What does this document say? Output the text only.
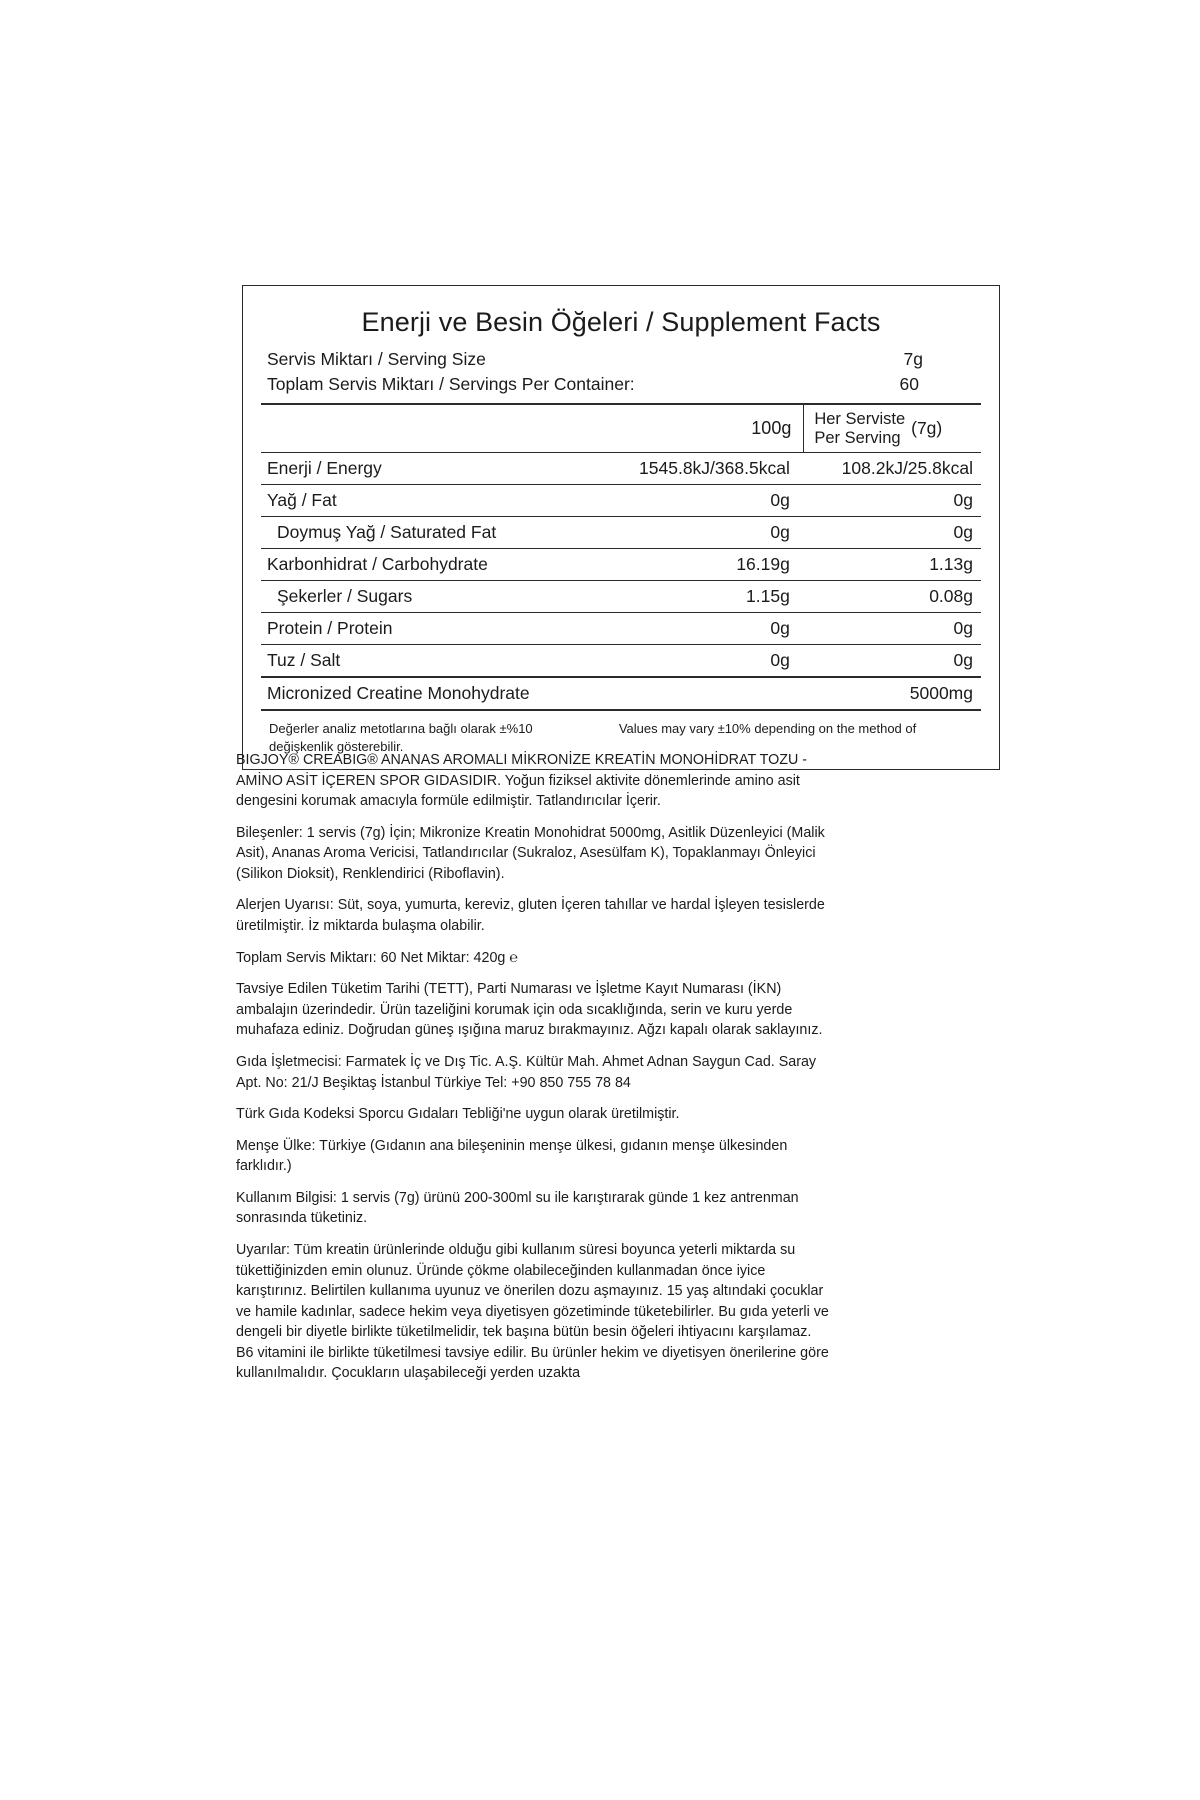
Enerji ve Besin Öğeleri / Supplement Facts
Servis Miktarı / Serving Size	7g
Toplam Servis Miktarı / Servings Per Container:	60
	100g	Her Serviste
Per Serving (7g)
Enerji / Energy	1545.8kJ/368.5kcal	108.2kJ/25.8kcal
Yağ / Fat	0g	0g
Doymuş Yağ / Saturated Fat	0g	0g
Karbonhidrat / Carbohydrate	16.19g	1.13g
Şekerler / Sugars	1.15g	0.08g
Protein / Protein	0g	0g
Tuz / Salt	0g	0g
Micronized Creatine Monohydrate		5000mg
Değerler analiz metotlarına bağlı olarak ±%10 değişkenlik gösterebilir.
Values may vary ±10% depending on the method of

BIGJOY® CREABIG® ANANAS AROMALI MİKRONİZE KREATİN MONOHİDRAT TOZU - AMİNO ASİT İÇEREN SPOR GIDASIDIR. Yoğun fiziksel aktivite dönemlerinde amino asit dengesini korumak amacıyla formüle edilmiştir. Tatlandırıcılar İçerir.

Bileşenler: 1 servis (7g) İçin; Mikronize Kreatin Monohidrat 5000mg, Asitlik Düzenleyici (Malik Asit), Ananas Aroma Vericisi, Tatlandırıcılar (Sukraloz, Asesülfam K), Topaklanmayı Önleyici (Silikon Dioksit), Renklendirici (Riboflavin).

Alerjen Uyarısı: Süt, soya, yumurta, kereviz, gluten İçeren tahıllar ve hardal İşleyen tesislerde üretilmiştir. İz miktarda bulaşma olabilir.

Toplam Servis Miktarı: 60 Net Miktar: 420g ℮

Tavsiye Edilen Tüketim Tarihi (TETT), Parti Numarası ve İşletme Kayıt Numarası (İKN) ambalajın üzerindedir. Ürün tazeliğini korumak için oda sıcaklığında, serin ve kuru yerde muhafaza ediniz. Doğrudan güneş ışığına maruz bırakmayınız. Ağzı kapalı olarak saklayınız.

Gıda İşletmecisi: Farmatek İç ve Dış Tic. A.Ş. Kültür Mah. Ahmet Adnan Saygun Cad. Saray Apt. No: 21/J Beşiktaş İstanbul Türkiye Tel: +90 850 755 78 84

Türk Gıda Kodeksi Sporcu Gıdaları Tebliği'ne uygun olarak üretilmiştir.

Menşe Ülke: Türkiye (Gıdanın ana bileşeninin menşe ülkesi, gıdanın menşe ülkesinden farklıdır.)

Kullanım Bilgisi: 1 servis (7g) ürünü 200-300ml su ile karıştırarak günde 1 kez antrenman sonrasında tüketiniz.

Uyarılar: Tüm kreatin ürünlerinde olduğu gibi kullanım süresi boyunca yeterli miktarda su tükettiğinizden emin olunuz. Üründe çökme olabileceğinden kullanmadan önce iyice karıştırınız. Belirtilen kullanıma uyunuz ve önerilen dozu aşmayınız. 15 yaş altındaki çocuklar ve hamile kadınlar, sadece hekim veya diyetisyen gözetiminde tüketebilirler. Bu gıda yeterli ve dengeli bir diyetle birlikte tüketilmelidir, tek başına bütün besin öğeleri ihtiyacını karşılamaz. B6 vitamini ile birlikte tüketilmesi tavsiye edilir. Bu ürünler hekim ve diyetisyen önerilerine göre kullanılmalıdır. Çocukların ulaşabileceği yerden uzakta
